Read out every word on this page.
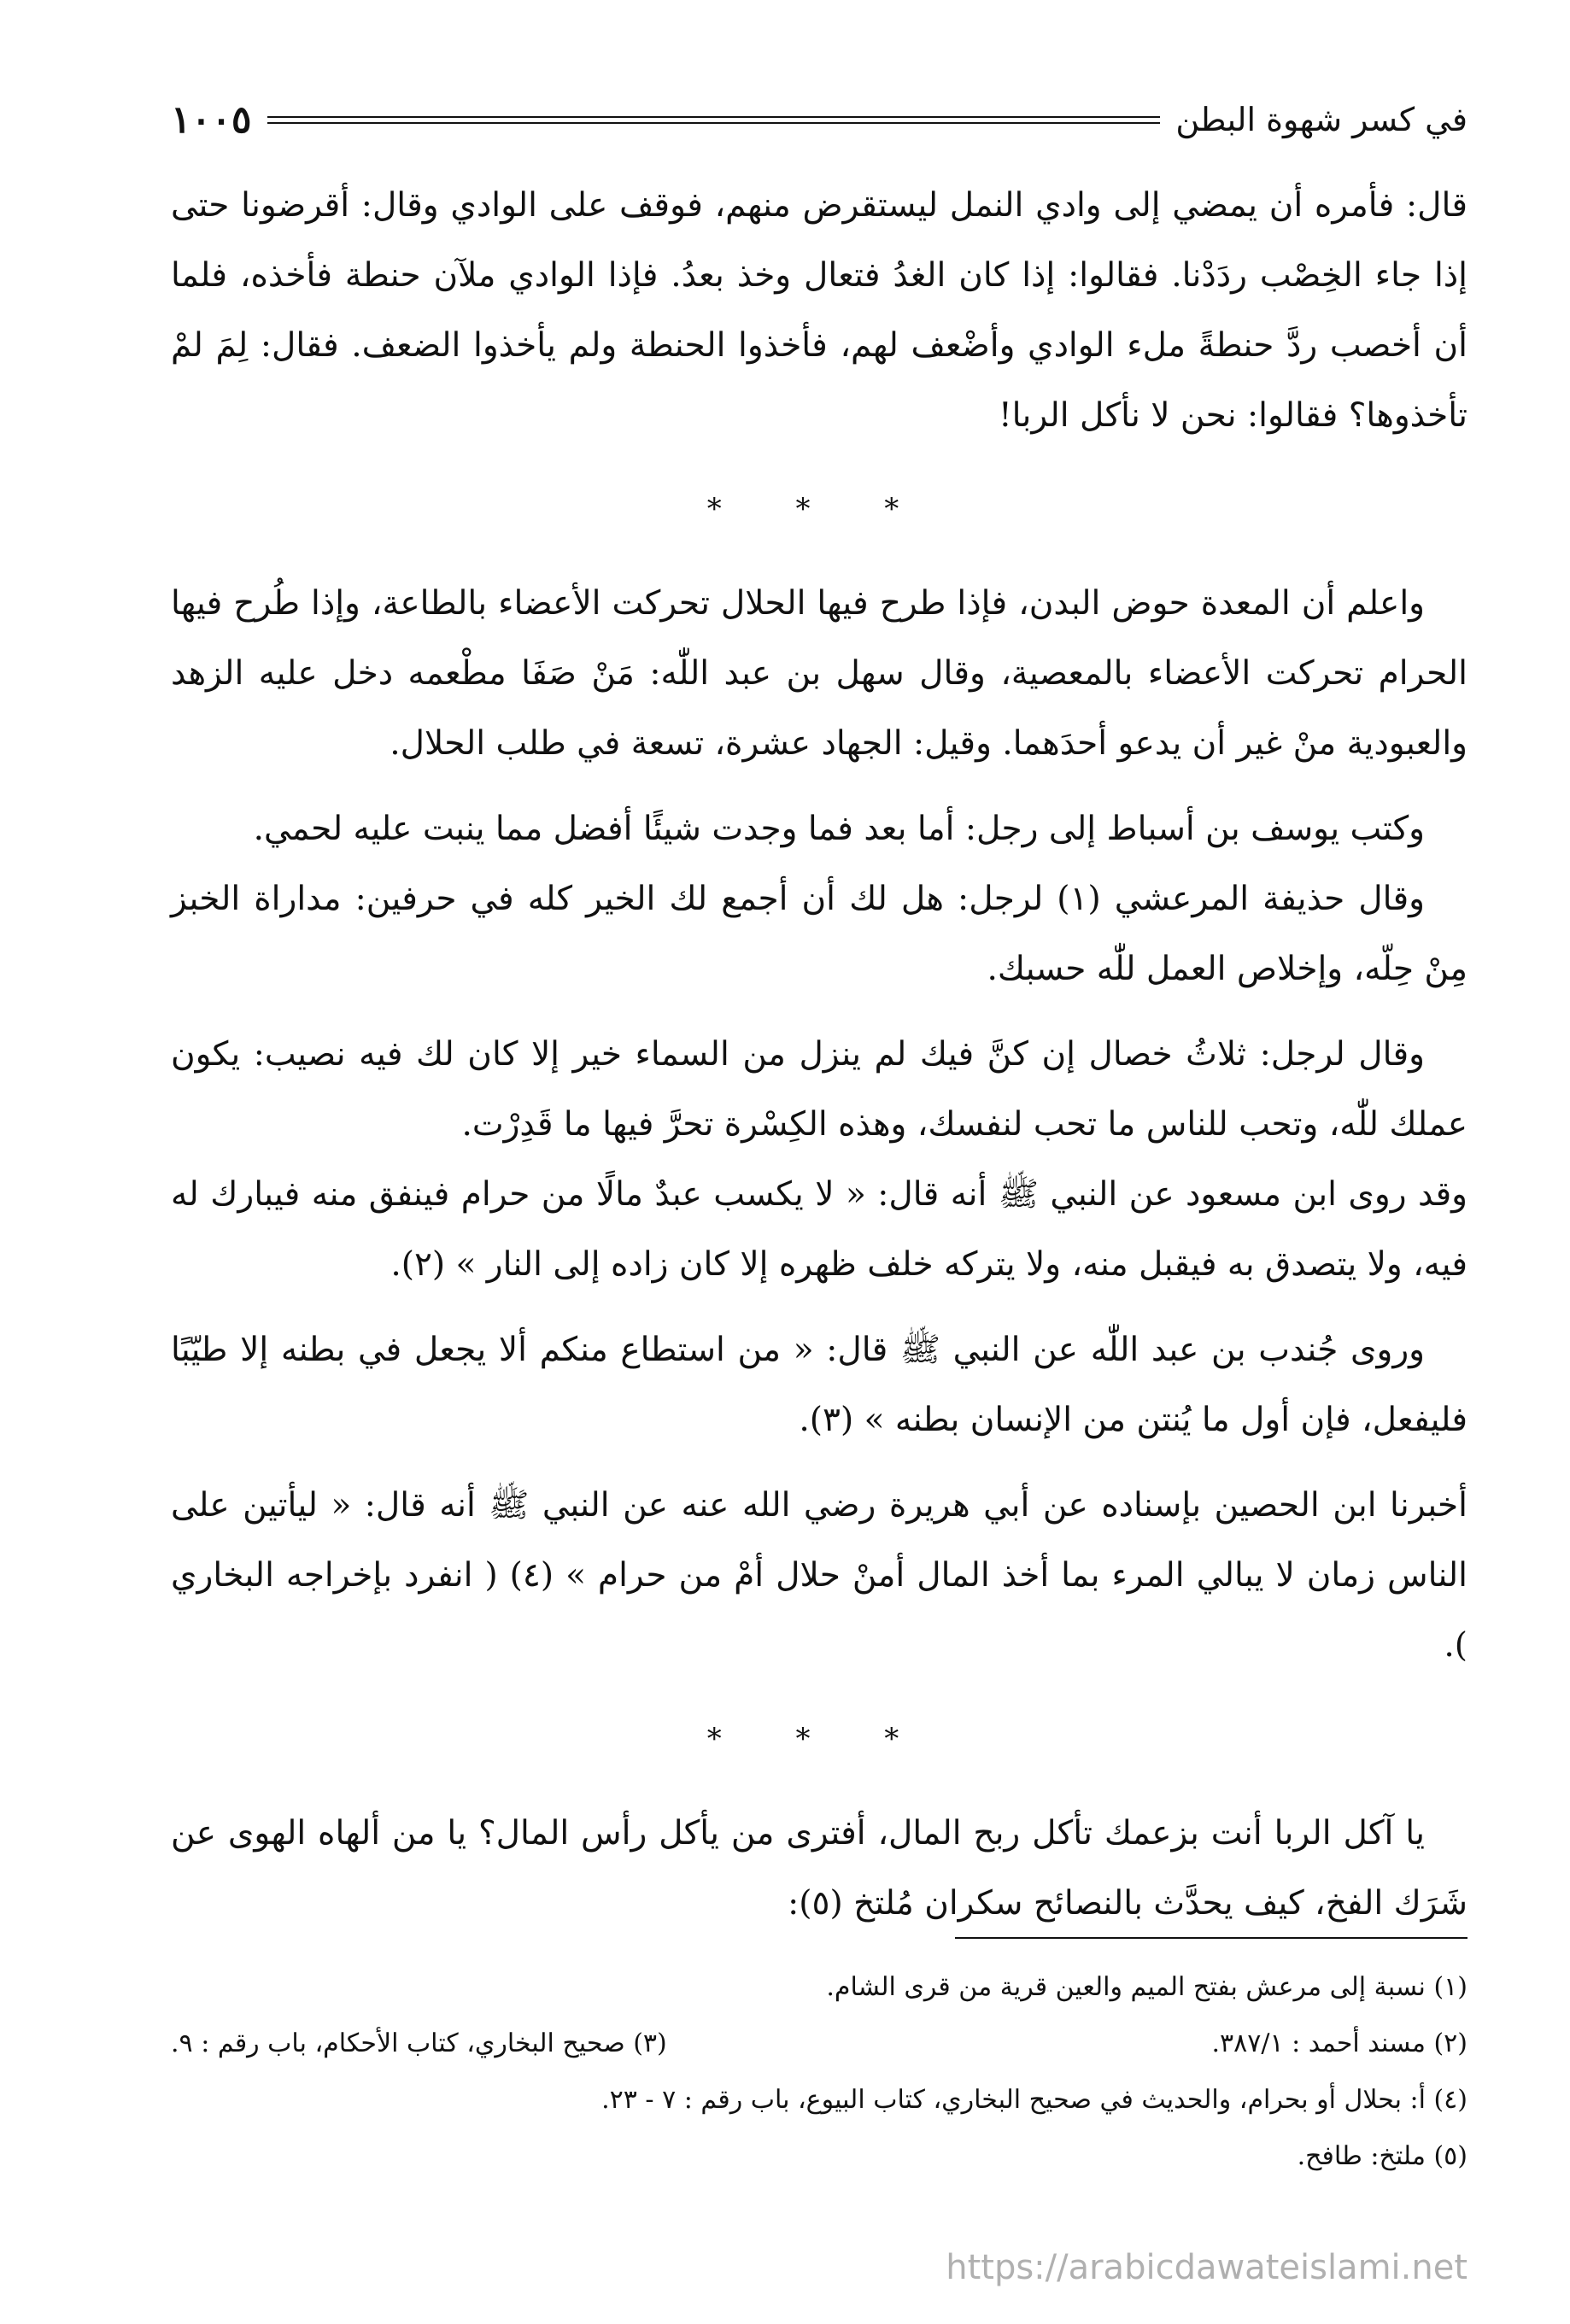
في كسر شهوة البطن
١٠٠٥

قال: فأمره أن يمضي إلى وادي النمل ليستقرض منهم، فوقف على الوادي وقال: أقرضونا حتى إذا جاء الخِصْب ردَدْنا. فقالوا: إذا كان الغدُ فتعال وخذ بعدُ. فإذا الوادي ملآن حنطة فأخذه، فلما أن أخصب ردَّ حنطةً ملء الوادي وأضْعف لهم، فأخذوا الحنطة ولم يأخذوا الضعف. فقال: لِمَ لمْ تأخذوها؟ فقالوا: نحن لا نأكل الربا!

* * *

واعلم أن المعدة حوض البدن، فإذا طرح فيها الحلال تحركت الأعضاء بالطاعة، وإذا طُرح فيها الحرام تحركت الأعضاء بالمعصية، وقال سهل بن عبد اللّٰه: مَنْ صَفَا مطْعمه دخل عليه الزهد والعبودية منْ غير أن يدعو أحدَهما. وقيل: الجهاد عشرة، تسعة في طلب الحلال.

وكتب يوسف بن أسباط إلى رجل: أما بعد فما وجدت شيئًا أفضل مما ينبت عليه لحمي.

وقال حذيفة المرعشي (١) لرجل: هل لك أن أجمع لك الخير كله في حرفين: مداراة الخبز مِنْ حِلّه، وإخلاص العمل للّٰه حسبك.

وقال لرجل: ثلاثُ خصال إن كنَّ فيك لم ينزل من السماء خير إلا كان لك فيه نصيب: يكون عملك للّٰه، وتحب للناس ما تحب لنفسك، وهذه الكِسْرة تحرَّ فيها ما قَدِرْت.

وقد روى ابن مسعود عن النبي ﷺ أنه قال: « لا يكسب عبدٌ مالًا من حرام فينفق منه فيبارك له فيه، ولا يتصدق به فيقبل منه، ولا يتركه خلف ظهره إلا كان زاده إلى النار » (٢).

وروى جُندب بن عبد اللّٰه عن النبي ﷺ قال: « من استطاع منكم ألا يجعل في بطنه إلا طيّبًا فليفعل، فإن أول ما يُنتن من الإنسان بطنه » (٣).

أخبرنا ابن الحصين بإسناده عن أبي هريرة رضي الله عنه عن النبي ﷺ أنه قال: « ليأتين على الناس زمان لا يبالي المرء بما أخذ المال أمنْ حلال أمْ من حرام » (٤) ( انفرد بإخراجه البخاري ).

* * *

يا آكل الربا أنت بزعمك تأكل ربح المال، أفترى من يأكل رأس المال؟ يا من ألهاه الهوى عن شَرَك الفخ، كيف يحدَّث بالنصائح سكران مُلتخ (٥):

(١) نسبة إلى مرعش بفتح الميم والعين قرية من قرى الشام.

(٢) مسند أحمد : ٣٨٧/١.
(٣) صحيح البخاري، كتاب الأحكام، باب رقم : ٩.

(٤) أ: بحلال أو بحرام، والحديث في صحيح البخاري، كتاب البيوع، باب رقم : ٧ - ٢٣.

(٥) ملتخ: طافح.

https://arabicdawateislami.net
